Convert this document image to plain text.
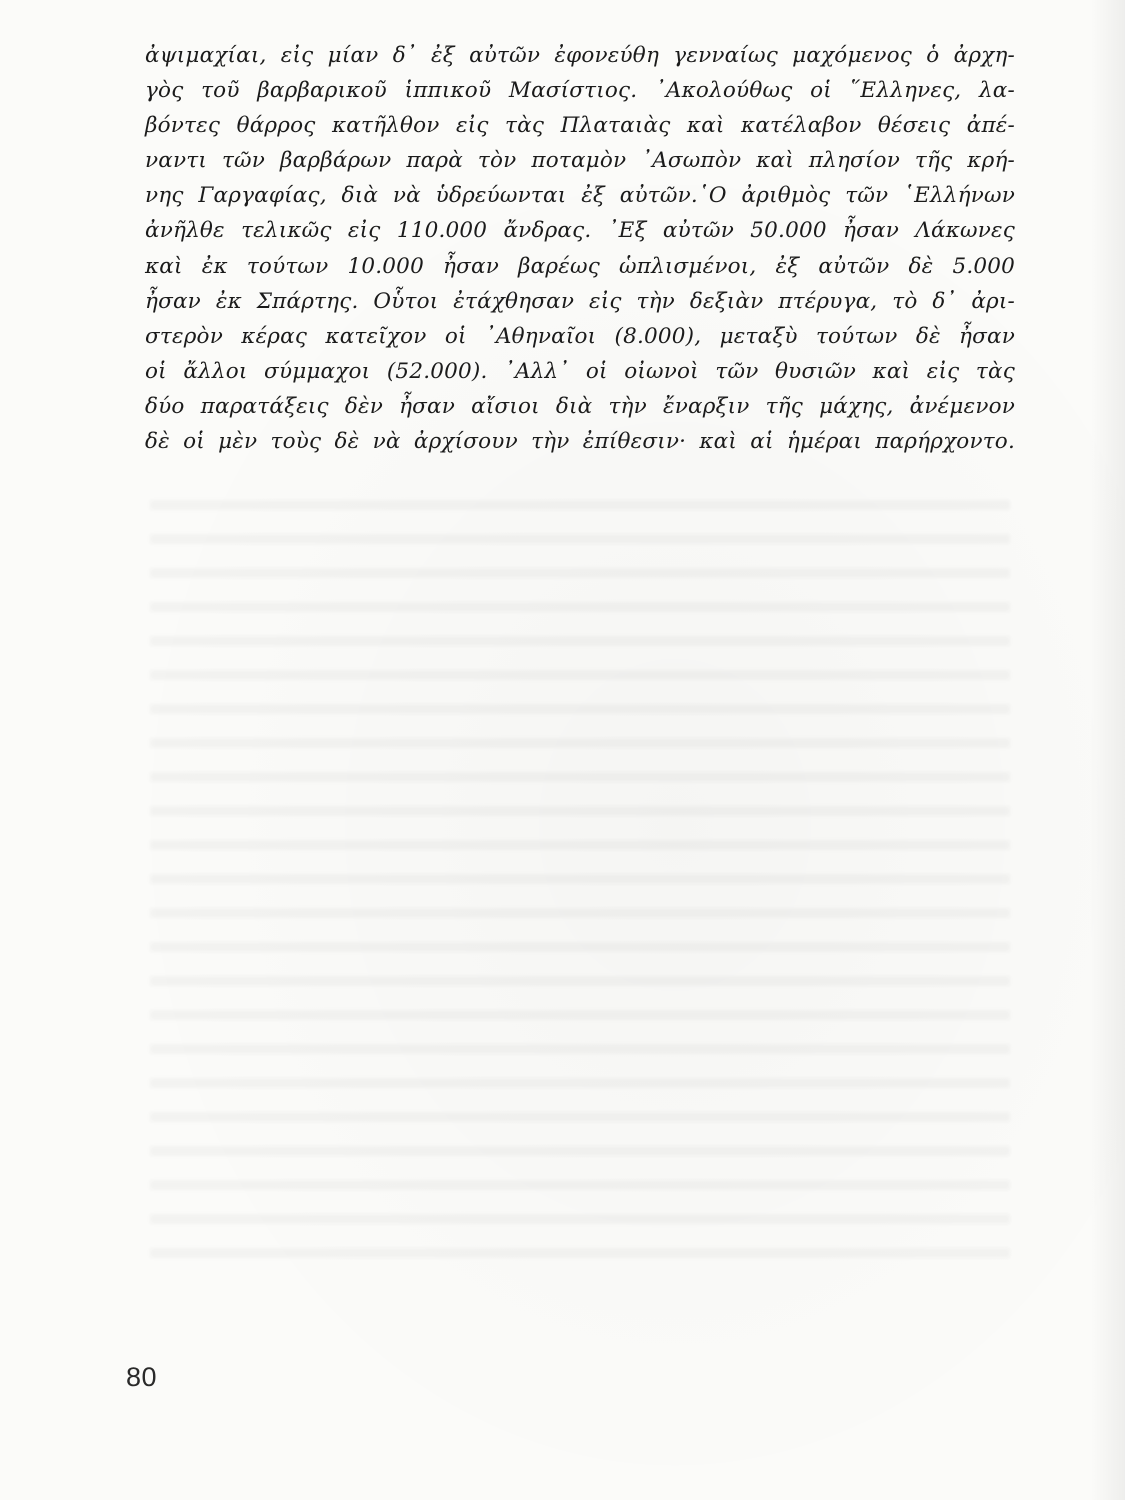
ἀψιμαχίαι, εἰς μίαν δ᾽ ἐξ αὐτῶν ἐφονεύθη γενναίως μαχόμενος ὁ ἀρχη-
γὸς τοῦ βαρβαρικοῦ ἱππικοῦ Μασίστιος. ᾽Ακολούθως οἱ ῞Ελληνες, λα-
βόντες θάρρος κατῆλθον εἰς τὰς Πλαταιὰς καὶ κατέλαβον θέσεις ἀπέ-
ναντι τῶν βαρβάρων παρὰ τὸν ποταμὸν ᾽Ασωπὸν καὶ πλησίον τῆς κρή-
νης Γαργαφίας, διὰ νὰ ὑδρεύωνται ἐξ αὐτῶν.῾Ο ἀριθμὸς τῶν ῾Ελλήνων
ἀνῆλθε τελικῶς εἰς 110.000 ἄνδρας. ᾽Εξ αὐτῶν 50.000 ἦσαν Λάκωνες
καὶ ἐκ τούτων 10.000 ἦσαν βαρέως ὡπλισμένοι, ἐξ αὐτῶν δὲ 5.000
ἦσαν ἐκ Σπάρτης. Οὗτοι ἐτάχθησαν εἰς τὴν δεξιὰν πτέρυγα, τὸ δ᾽ ἀρι-
στερὸν κέρας κατεῖχον οἱ ᾽Αθηναῖοι (8.000), μεταξὺ τούτων δὲ ἦσαν
οἱ ἄλλοι σύμμαχοι (52.000). ᾽Αλλ᾽ οἱ οἰωνοὶ τῶν θυσιῶν καὶ εἰς τὰς
δύο παρατάξεις δὲν ἦσαν αἴσιοι διὰ τὴν ἔναρξιν τῆς μάχης, ἀνέμενον
δὲ οἱ μὲν τοὺς δὲ νὰ ἀρχίσουν τὴν ἐπίθεσιν· καὶ αἱ ἡμέραι παρήρχοντο.
80
